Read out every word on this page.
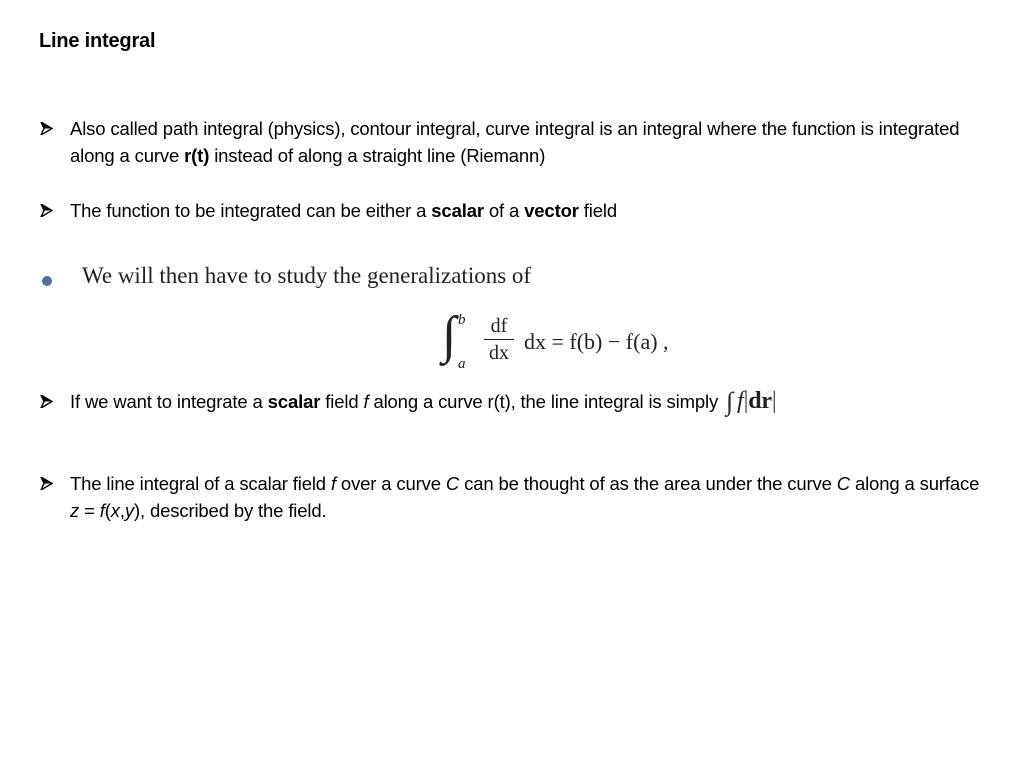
Line integral
Also called path integral (physics), contour integral, curve integral is an integral where the function is integrated along a curve r(t) instead of along a straight line (Riemann)
The function to be integrated can be either a scalar of a vector field
We will then have to study the generalizations of
∫ b
a
df
dx dx = f(b) − f(a) ,
If we want to integrate a scalar field f along a curve r(t), the line integral is simply ∫ f|dr|
The line integral of a scalar field f over a curve C can be thought of as the area under the curve C along a surface z = f(x,y), described by the field.
